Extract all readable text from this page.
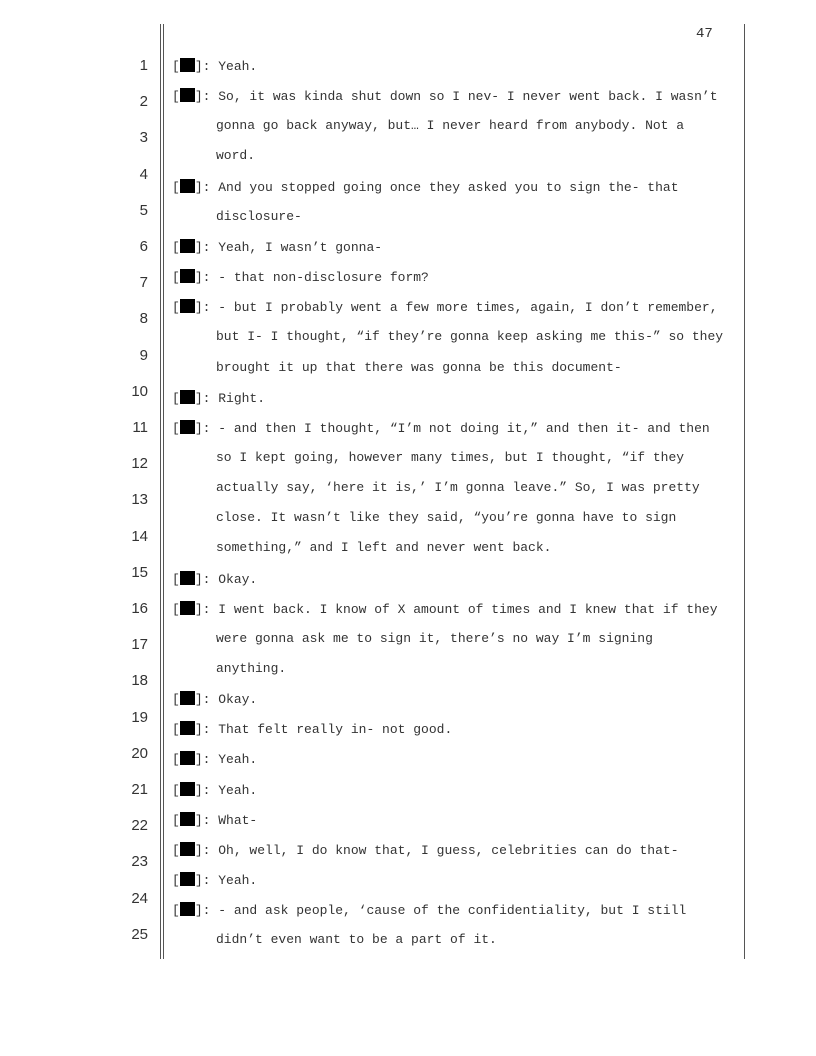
47
1
2
3
4
5
6
7
8
9
10
11
12
13
14
15
16
17
18
19
20
21
22
23
24
25
[ ]: Yeah.
[ ]: So, it was kinda shut down so I nev- I never went back. I wasn’t
gonna go back anyway, but… I never heard from anybody. Not a
word.
[ ]: And you stopped going once they asked you to sign the- that
disclosure-
[ ]: Yeah, I wasn’t gonna-
[ ]: - that non-disclosure form?
[ ]: - but I probably went a few more times, again, I don’t remember,
but I- I thought, “if they’re gonna keep asking me this-” so they
brought it up that there was gonna be this document-
[ ]: Right.
[ ]: - and then I thought, “I’m not doing it,” and then it- and then
so I kept going, however many times, but I thought, “if they
actually say, ‘here it is,’ I’m gonna leave.” So, I was pretty
close. It wasn’t like they said, “you’re gonna have to sign
something,” and I left and never went back.
[ ]: Okay.
[ ]: I went back. I know of X amount of times and I knew that if they
were gonna ask me to sign it, there’s no way I’m signing
anything.
[ ]: Okay.
[ ]: That felt really in- not good.
[ ]: Yeah.
[ ]: Yeah.
[ ]: What-
[ ]: Oh, well, I do know that, I guess, celebrities can do that-
[ ]: Yeah.
[ ]: - and ask people, ‘cause of the confidentiality, but I still
didn’t even want to be a part of it.
